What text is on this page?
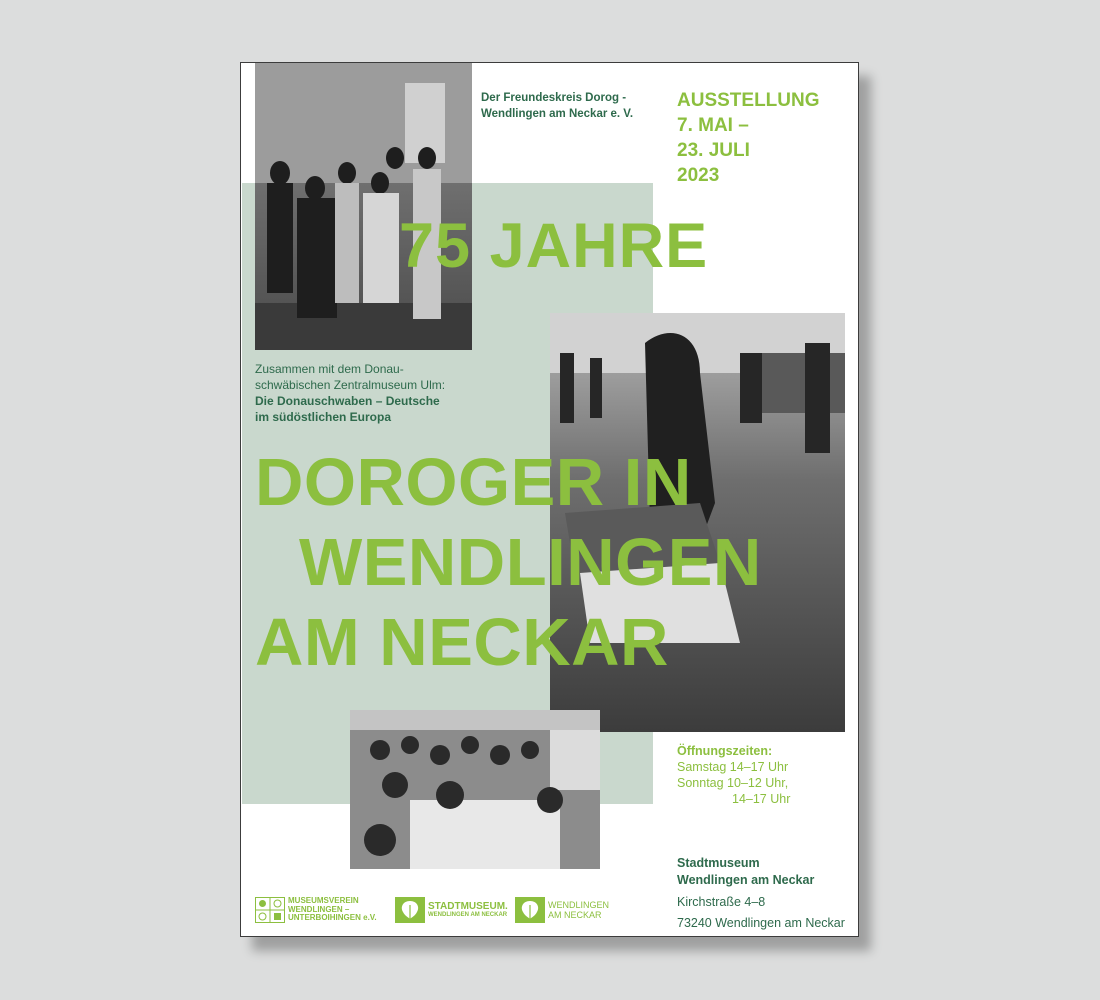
Der Freundeskreis Dorog -
Wendlingen am Neckar e. V.
AUSSTELLUNG
7. MAI –
23. JULI
2023
75 JAHRE
Zusammen mit dem Donau-
schwäbischen Zentralmuseum Ulm:
Die Donauschwaben – Deutsche
im südöstlichen Europa
DOROGER IN
WENDLINGEN
AM NECKAR
Öffnungszeiten:
Samstag 14–17 Uhr
Sonntag 10–12 Uhr,
14–17 Uhr
Stadtmuseum
Wendlingen am Neckar
Kirchstraße 4–8
73240 Wendlingen am Neckar
MUSEUMSVEREIN
WENDLINGEN –
UNTERBOIHINGEN e.V.
STADTMUSEUM.
WENDLINGEN AM NECKAR
WENDLINGEN
AM NECKAR
